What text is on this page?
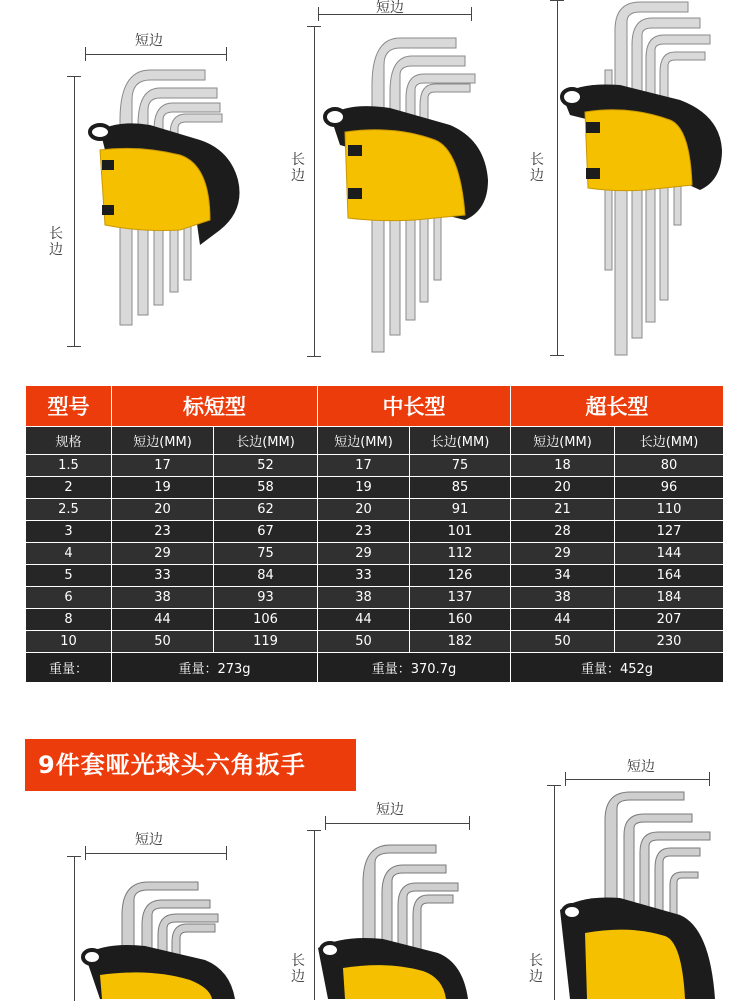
短边
长边
短边
长边
长边
型号	标短型		中长型		超长型	
规格	短边(MM)	长边(MM)	短边(MM)	长边(MM)	短边(MM)	长边(MM)
1.5	17	52	17	75	18	80
2	19	58	19	85	20	96
2.5	20	62	20	91	21	110
3	23	67	23	101	28	127
4	29	75	29	112	29	144
5	33	84	33	126	34	164
6	38	93	38	137	38	184
8	44	106	44	160	44	207
10	50	119	50	182	50	230
重量：	重量：273g		重量：370.7g		重量：452g	
9件套哑光球头六角扳手
短边
短边
长边
短边
长边
